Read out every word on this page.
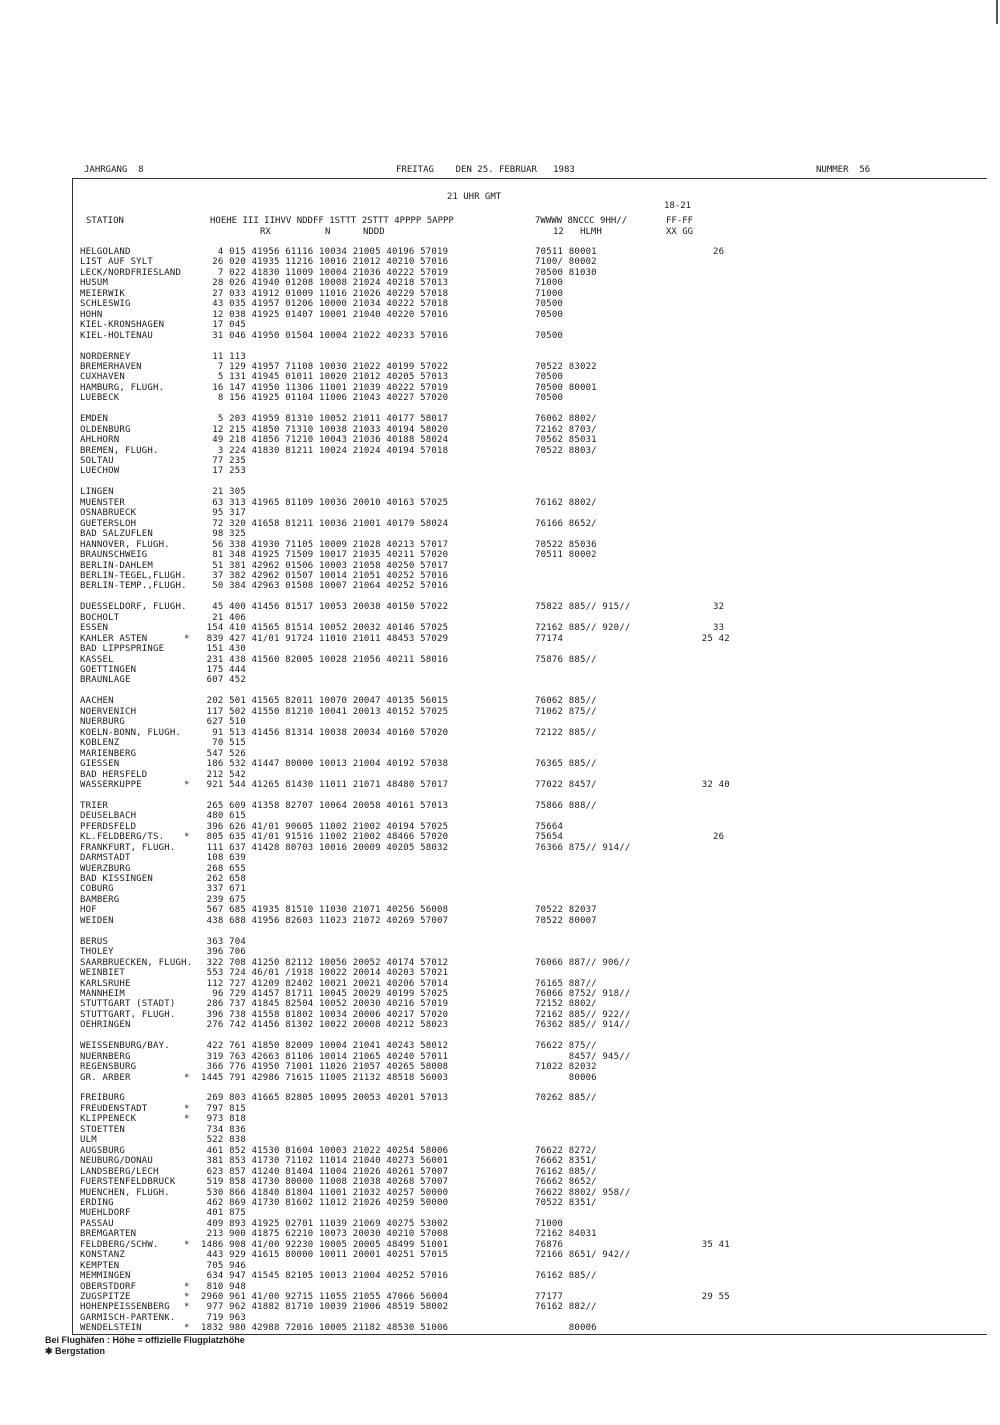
JAHRGANG  8	FREITAG    DEN 25. FEBRUAR   1983	NUMMER  56
21 UHR GMT
18-21
STATION	HOEHE III IIHVV NDDFF 1STTT 2STTT 4PPPP 5APPP
RX          N      NDDD
7WWWW 8NCCC 9HH//
12   HLMH
FF-FF
XX GG
HELGOLAND	4 015 41956 61116 10034 21005 40196 57019	70511 80001	26
LIST AUF SYLT	26 020 41935 11216 10016 21012 40210 57016	7100/ 80002
LECK/NORDFRIESLAND 7 022 41830 11009 10004 21036 40222 57019	70500 81030
HUSUM	28 026 41940 01208 10008 21024 40218 57013	71000
MEIERWIK	27 033 41912 01009 11016 21026 40229 57018	71000
SCHLESWIG	43 035 41957 01206 10000 21034 40222 57018	70500
HOHN	12 038 41925 01407 10001 21040 40220 57016	70500
KIEL-KRONSHAGEN	17 045
KIEL-HOLTENAU	31 046 41950 01504 10004 21022 40233 57016	70500
NORDERNEY	11 113
BREMERHAVEN	7 129 41957 71108 10030 21022 40199 57022	70522 83022
CUXHAVEN	5 131 41945 01011 10020 21012 40205 57013	70500
HAMBURG, FLUGH.	16 147 41950 11306 11001 21039 40222 57019	70500 80001
LUEBECK	8 156 41925 01104 11006 21043 40227 57020	70500
EMDEN	5 203 41959 81310 10052 21011 40177 58017	76062 8802/
OLDENBURG	12 215 41850 71310 10038 21033 40194 58020	72162 8703/
AHLHORN	49 218 41856 71210 10043 21036 40188 58024	70562 85031
BREMEN, FLUGH.	3 224 41830 81211 10024 21024 40194 57018	70522 8803/
SOLTAU	77 235
LUECHOW	17 253
LINGEN	21 305
MUENSTER	63 313 41965 81109 10036 20010 40163 57025	76162 8802/
OSNABRUECK	95 317
GUETERSLOH	72 320 41658 81211 10036 21001 40179 58024	76166 8652/
BAD SALZUFLEN	98 325
HANNOVER, FLUGH.	56 338 41930 71105 10009 21028 40213 57017	70522 85036
BRAUNSCHWEIG	81 348 41925 71509 10017 21035 40211 57020	70511 80002
BERLIN-DAHLEM	51 381 42962 01506 10003 21058 40250 57017
BERLIN-TEGEL,FLUGH. 37 382 42962 01507 10014 21051 40252 57016
BERLIN-TEMP.,FLUGH. 50 384 42963 01508 10007 21064 40252 57016
DUESSELDORF, FLUGH. 45 400 41456 81517 10053 20038 40150 57022	75822 885// 915// 32
BOCHOLT	21 406
ESSEN	154 410 41565 81514 10052 20032 40146 57025	72162 885// 920// 33
KAHLER ASTEN	* 839 427 41/01 91724 11010 21011 48453 57029	77174	25 42
BAD LIPPSPRINGE	151 430
KASSEL	231 438 41560 82005 10028 21056 40211 58016	75876 885//
GOETTINGEN	175 444
BRAUNLAGE	607 452
AACHEN	202 501 41565 82011 10070 20047 40135 56015	76062 885//
NOERVENICH	117 502 41550 81210 10041 20013 40152 57025	71062 875//
NUERBURG	627 510
KOELN-BONN, FLUGH. 91 513 41456 81314 10038 20034 40160 57020	72122 885//
KOBLENZ	70 515
MARIENBERG	547 526
GIESSEN	186 532 41447 80000 10013 21004 40192 57038	76365 885//
BAD HERSFELD	212 542
WASSERKUPPE	* 921 544 41265 81430 11011 21071 48480 57017	77022 8457/	32 40
TRIER	265 609 41358 82707 10064 20058 40161 57013	75866 888//
DEUSELBACH	480 615
PFERDSFELD	396 626 41/01 90605 11002 21002 40194 57025	75664
KL.FELDBERG/TS. * 805 635 41/01 91516 11002 21002 48466 57020	75654	26
FRANKFURT, FLUGH.	111 637 41428 80703 10016 20009 40205 58032	76366 875// 914//
DARMSTADT	108 639
WUERZBURG	268 655
BAD KISSINGEN	262 658
COBURG	337 671
BAMBERG	239 675
HOF	567 685 41935 81510 11030 21071 40256 56008	70522 82037
WEIDEN	438 688 41956 82603 11023 21072 40269 57007	70522 80007
BERUS	363 704
THOLEY	396 706
SAARBRUECKEN, FLUGH. 322 708 41250 82112 10056 20052 40174 57012	76066 887// 906//
WEINBIET	553 724 46/01 /1918 10022 20014 40203 57021
KARLSRUHE	112 727 41209 82402 10021 20021 40206 57014	76165 887//
MANNHEIM	96 729 41457 81711 10045 20029 40199 57025	76066 8752/ 918//
STUTTGART (STADT)	286 737 41845 82504 10052 20030 40216 57019	72152 8802/
STUTTGART, FLUGH.	396 738 41558 81802 10034 20006 40217 57020	72162 885// 922//
OEHRINGEN	276 742 41456 81302 10022 20008 40212 58023	76362 885// 914//
WEISSENBURG/BAY.	422 761 41850 82009 10004 21041 40243 58012	76622 875//
NUERNBERG	319 763 42663 81106 10014 21065 40240 57011	8457/ 945//
REGENSBURG	366 776 41950 71001 11026 21057 40265 58008	71022 82032
GR. ARBER	* 1445 791 42986 71615 11005 21132 48518 56003	80006
FREIBURG	269 803 41665 82805 10095 20053 40201 57013	70262 885//
FREUDENSTADT	* 797 815
KLIPPENECK	* 973 818
STOETTEN	734 836
ULM	522 838
AUGSBURG	461 852 41530 81604 10003 21022 40254 58006	76622 8272/
NEUBURG/DONAU	381 853 41730 71102 11014 21040 40273 56001	76662 8351/
LANDSBERG/LECH	623 857 41240 81404 11004 21026 40261 57007	76162 885//
FUERSTENFELDBRUCK	519 858 41730 80000 11008 21038 40268 57007	76662 8652/
MUENCHEN, FLUGH.	530 866 41840 81804 11001 21032 40257 50000	76622 8802/ 958//
ERDING	462 869 41730 81602 11012 21026 40259 50000	70522 8351/
MUEHLDORF	401 875
PASSAU	409 893 41925 02701 11039 21069 40275 53002	71000
BREMGARTEN	213 900 41875 62210 10073 20030 40210 57008	72162 84031
FELDBERG/SCHW.	* 1486 908 41/00 92230 10005 20005 48499 51001	76876	35 41
KONSTANZ	443 929 41615 80000 10011 20001 40251 57015	72166 8651/ 942//
KEMPTEN	705 946
MEMMINGEN	634 947 41545 82105 10013 21004 40252 57016	76162 885//
OBERSTDORF	* 810 948
ZUGSPITZE	* 2960 961 41/00 92715 11055 21055 47066 56004	77177	29 55
HOHENPEISSENBERG * 977 962 41882 81710 10039 21006 48519 58002	76162 882//
GARMISCH-PARTENK.	719 963
WENDELSTEIN	* 1832 980 42988 72016 10005 21182 48530 51006	80006
Bei Flughäfen : Höhe = offizielle Flugplatzhöhe
✱ Bergstation
